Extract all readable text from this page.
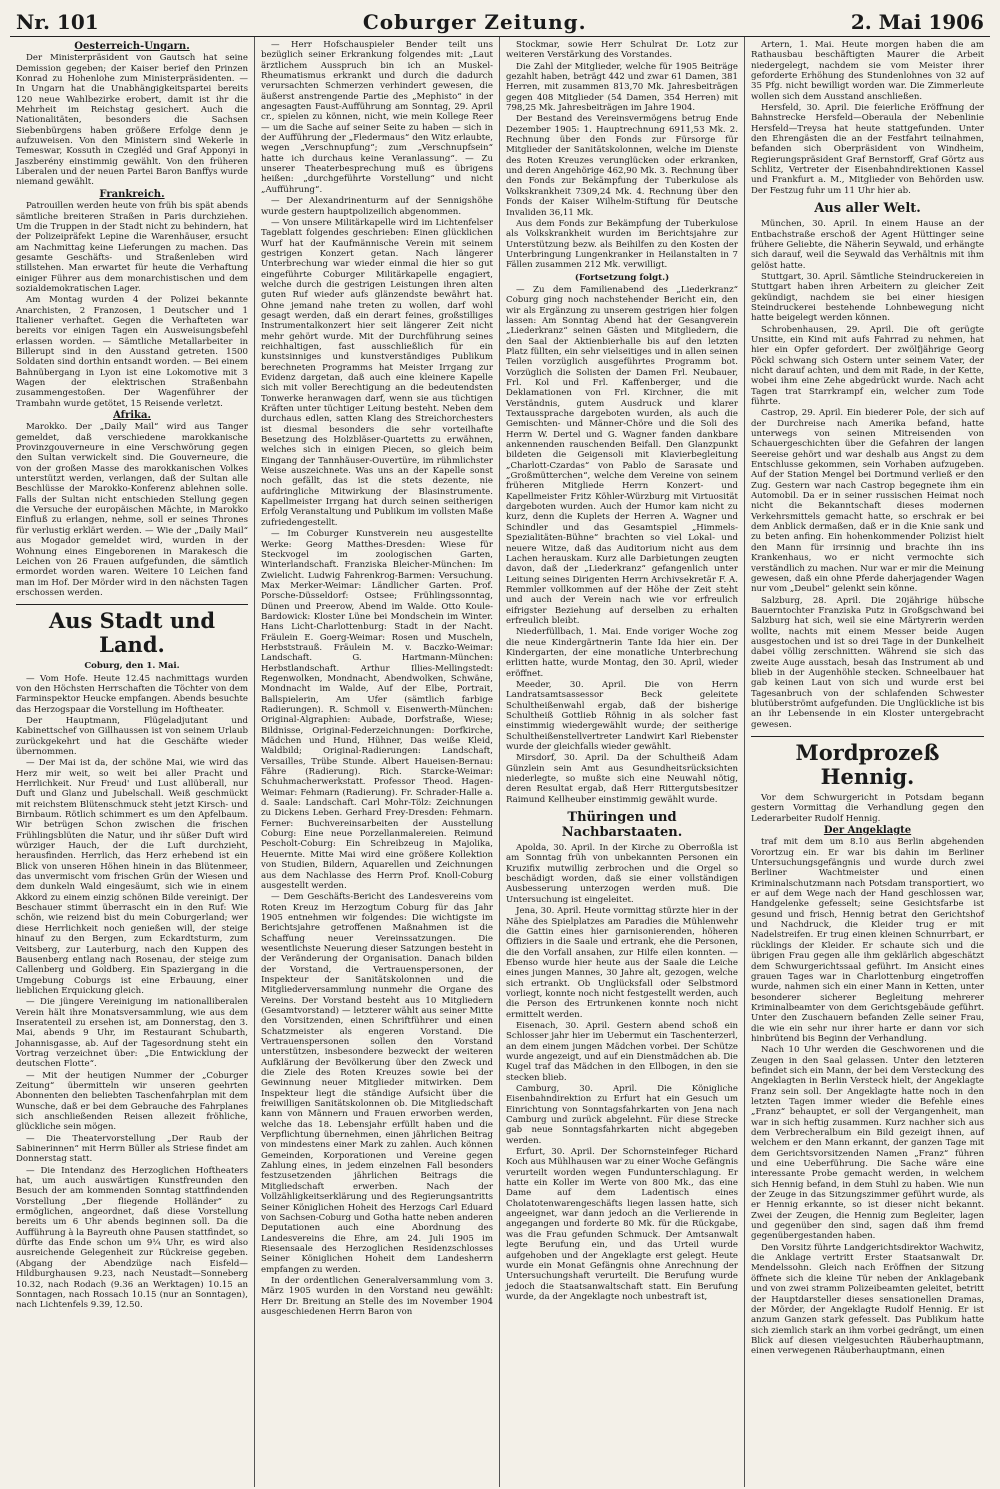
Nr. 101	Coburger Zeitung.	2. Mai 1906
Oesterreich-Ungarn.

Der Ministerpräsident von Gautsch hat seine Demission gegeben; der Kaiser berief den Prinzen Konrad zu Hohenlohe zum Ministerpräsidenten. — In Ungarn hat die Unabhängigkeitspartei bereits 120 neue Wahlbezirke erobert, damit ist ihr die Mehrheit im Reichstag gesichert. Auch die Nationalitäten, besonders die Sachsen Siebenbürgens haben größere Erfolge denn je aufzuweisen. Von den Ministern sind Wekerle in Temeswar, Kossuth in Czegléd und Graf Apponyi in Jaszberény einstimmig gewählt. Von den früheren Liberalen und der neuen Partei Baron Banffys wurde niemand gewählt.

Frankreich.

Patrouillen werden heute von früh bis spät abends sämtliche breiteren Straßen in Paris durchziehen. Um die Truppen in der Stadt nicht zu behindern, hat der Polizeipräfekt Lepine die Warenhäuser, ersucht am Nachmittag keine Lieferungen zu machen. Das gesamte Geschäfts- und Straßenleben wird stillstehen. Man erwartet für heute die Verhaftung einiger Führer aus dem monarchistischen und dem sozialdemokratischen Lager.

Am Montag wurden 4 der Polizei bekannte Anarchisten, 2 Franzosen, 1 Deutscher und 1 Italiener verhaftet. Gegen die Verhafteten war bereits vor einigen Tagen ein Ausweisungsbefehl erlassen worden. — Sämtliche Metallarbeiter in Billerupt sind in den Ausstand getreten. 1500 Soldaten sind dorthin entsandt worden. — Bei einem Bahnübergang in Lyon ist eine Lokomotive mit 3 Wagen der elektrischen Straßenbahn zusammengestoßen. Der Wagenführer der Trambahn wurde getötet, 15 Reisende verletzt.

Afrika.

Marokko. Der „Daily Mail“ wird aus Tanger gemeldet, daß verschiedene marokkanische Provinzgouverneure in eine Verschwörung gegen den Sultan verwickelt sind. Die Gouverneure, die von der großen Masse des marokkanischen Volkes unterstützt werden, verlangen, daß der Sultan alle Beschlüsse der Marokko-Konferenz ablehnen solle. Falls der Sultan nicht entschieden Stellung gegen die Versuche der europäischen Mächte, in Marokko Einfluß zu erlangen, nehme, soll er seines Thrones für verlustig erklärt werden. — Wie der „Daily Mail“ aus Mogador gemeldet wird, wurden in der Wohnung eines Eingeborenen in Marakesch die Leichen von 26 Frauen aufgefunden, die sämtlich ermordet worden waren. Weitere 10 Leichen fand man im Hof. Der Mörder wird in den nächsten Tagen erschossen werden.

Aus Stadt und Land.
Coburg, den 1. Mai.

— Vom Hofe. Heute 12.45 nachmittags wurden von den Höchsten Herrschaften die Töchter von dem Farminspektor Heucke empfangen. Abends besuchte das Herzogspaar die Vorstellung im Hoftheater.

Der Hauptmann, Flügeladjutant und Kabinettschef von Gillhaussen ist von seinem Urlaub zurückgekehrt und hat die Geschäfte wieder übernommen.

— Der Mai ist da, der schöne Mai, wie wird das Herz mir weit, so weit bei aller Pracht und Herrlichkeit. Nur Freud' und Lust allüberall, nur Duft und Glanz und Jubelschall. Weiß geschmückt mit reichstem Blütenschmuck steht jetzt Kirsch- und Birnbaum. Rötlich schimmert es um den Apfelbaum. Wir betrügen Schon zwischen die frischen Frühlingsblüten die Natur, und ihr süßer Duft wird würziger Hauch, der die Luft durchzieht, herausfinden. Herrlich, das Herz erhebend ist ein Blick von unseren Höhen hinein in das Blütenmeer, das unvermischt vom frischen Grün der Wiesen und dem dunkeln Wald eingesäumt, sich wie in einem Akkord zu einem einzig schönen Bilde vereinigt. Der Beschauer stimmt überrascht ein in den Ruf: Wie schön, wie reizend bist du mein Coburgerland; wer diese Herrlichkeit noch genießen will, der steige hinauf zu den Bergen, zum Eckardtsturm, zum Veitsberg, zur Lauterburg, nach den Kuppen des Bausenberg entlang nach Rosenau, der steige zum Callenberg und Goldberg. Ein Spaziergang in die Umgebung Coburgs ist eine Erbauung, einer lieblichen Erquickung gleich.

— Die jüngere Vereinigung im nationalliberalen Verein hält ihre Monatsversammlung, wie aus dem Inseratenteil zu ersehen ist, am Donnerstag, den 3. Mai, abends 9 Uhr, im Restaurant Schubarth, Johannisgasse, ab. Auf der Tagesordnung steht ein Vortrag verzeichnet über: „Die Entwicklung der deutschen Flotte“.

— Mit der heutigen Nummer der „Coburger Zeitung“ übermitteln wir unseren geehrten Abonnenten den beliebten Taschenfahrplan mit dem Wunsche, daß er bei dem Gebrauche des Fahrplanes sich anschließenden Reisen allezeit fröhliche, glückliche sein mögen.

— Die Theatervorstellung „Der Raub der Sabinerinnen“ mit Herrn Büller als Striese findet am Donnerstag statt.

— Die Intendanz des Herzoglichen Hoftheaters hat, um auch auswärtigen Kunstfreunden den Besuch der am kommenden Sonntag stattfindenden Vorstellung „Der fliegende Holländer“ zu ermöglichen, angeordnet, daß diese Vorstellung bereits um 6 Uhr abends beginnen soll. Da die Aufführung à la Bayreuth ohne Pausen stattfindet, so dürfte das Ende schon um 9¼ Uhr, es wird also ausreichende Gelegenheit zur Rückreise gegeben. (Abgang der Abendzüge nach Eisfeld—Hildburghausen 9.23, nach Neustadt—Sonneberg 10.32, nach Rodach (9.36 an Werktagen) 10.15 an Sonntagen, nach Rossach 10.15 (nur an Sonntagen), nach Lichtenfels 9.39, 12.50.

— Herr Hofschauspieler Bender teilt uns bezüglich seiner Erkrankung folgendes mit: „Laut ärztlichem Ausspruch bin ich an Muskel-Rheumatismus erkrankt und durch die dadurch verursachten Schmerzen verhindert gewesen, die äußerst anstrengende Partie des „Mephisto“ in der angesagten Faust-Aufführung am Sonntag, 29. April cr., spielen zu können, nicht, wie mein Kollege Reer — um die Sache auf seiner Seite zu haben — sich in der Aufführung der „Fledermaus“ den Witz erlaubte, wegen „Verschnupfung“; zum „Verschnupfsein“ hatte ich durchaus keine Veranlassung“. — Zu unserer Theaterbesprechung muß es übrigens heißen: „durchgeführte Vorstellung“ und nicht „Aufführung“.

— Der Alexandrinenturm auf der Sennigshöhe wurde gestern hauptpolizeilich abgenommen.

— Von unsere Militärkapelle wird im Lichtenfelser Tageblatt folgendes geschrieben: Einen glücklichen Wurf hat der Kaufmännische Verein mit seinem gestrigen Konzert getan. Nach längerer Unterbrechung war wieder einmal die hier so gut eingeführte Coburger Militärkapelle engagiert, welche durch die gestrigen Leistungen ihren alten guten Ruf wieder aufs glänzendste bewährt hat. Ohne jemand nahe treten zu wollen, darf wohl gesagt werden, daß ein derart feines, großstilliges Instrumentalkonzert hier seit längerer Zeit nicht mehr gehört wurde. Mit der Durchführung seines reichhaltigen, fast ausschließlich für ein kunstsinniges und kunstverständiges Publikum berechneten Programms hat Meister Irrgang zur Evidenz dargetan, daß auch eine kleinere Kapelle sich mit voller Berechtigung an die bedeutendsten Tonwerke heranwagen darf, wenn sie aus tüchtigen Kräften unter tüchtiger Leitung besteht. Neben dem durchaus edlen, satten Klang des Streichorchesters ist diesmal besonders die sehr vorteilhafte Besetzung des Holzbläser-Quartetts zu erwähnen, welches sich in einigen Piecen, so gleich beim Eingang der Tannhäuser-Ouvertüre, im rühmlichster Weise auszeichnete. Was uns an der Kapelle sonst noch gefällt, das ist die stets dezente, nie aufdringliche Mitwirkung der Blasinstrumente. Kapellmeister Irrgang hat durch seinen seitherigen Erfolg Veranstaltung und Publikum im vollsten Maße zufriedengestellt.

— Im Coburger Kunstverein neu ausgestellte Werke: Georg Matthes-Dresden: Wiese für Steckvogel im zoologischen Garten, Winterlandschaft. Franziska Bleicher-München: Im Zwielicht. Ludwig Fahrenkrog-Barmen: Versuchung. Max Merker-Weimar: Ländlicher Garten. Prof. Porsche-Düsseldorf: Ostsee; Frühlingssonntag, Dünen und Preerow, Abend im Walde. Otto Koule-Bardowick: Kloster Lüne bei Mondschein im Winter. Hans Licht-Charlottenburg: Stadt in der Nacht. Fräulein E. Goerg-Weimar: Rosen und Muscheln, Herbststrauß. Fräulein M. v. Baczko-Weimar: Landschaft. G. Hartmann-München: Herbstlandschaft. Arthur Illies-Mellingstedt: Regenwolken, Mondnacht, Abendwolken, Schwäne, Mondnacht im Walde, Auf der Elbe, Portrait, Ballspielerin, Am Ufer (sämtlich farbige Radierungen). R. Schmoll v. Eisenwerth-München: Original-Algraphien: Aubade, Dorfstraße, Wiese; Bildnisse, Original-Federzeichnungen: Dorfkirche, Mädchen und Hund, Hühner, Das weiße Kleid, Waldbild; Original-Radierungen: Landschaft, Versailles, Trübe Stunde. Albert Haueisen-Bernau: Fähre (Radierung). Rich. Starcke-Weimar: Schuhmacherwerkstatt. Professor Theod. Hagen-Weimar: Fehmarn (Radierung). Fr. Schrader-Halle a. d. Saale: Landschaft. Carl Mohr-Tölz: Zeichnungen zu Dickens Leben. Gerhard Frey-Dresden: Fehmarn. Ferner: Buchvereinsarbeiten der Ausstellung Coburg: Eine neue Porzellanmalereien. Reimund Pescholt-Coburg: Ein Schreibzeug in Majolika, Heuernte. Mitte Mai wird eine größere Kollektion von Studien, Bildern, Aquarellen und Zeichnungen aus dem Nachlasse des Herrn Prof. Knoll-Coburg ausgestellt werden.

— Dem Geschäfts-Bericht des Landesvereins vom Roten Kreuz im Herzogtum Coburg für das Jahr 1905 entnehmen wir folgendes: Die wichtigste im Berichtsjahre getroffenen Maßnahmen ist die Schaffung neuer Vereinssatzungen. Die wesentlichste Neuerung dieser Satzungen besteht in der Veränderung der Organisation. Danach bilden der Vorstand, die Vertrauenspersonen, der Inspekteur der Sanitätskolonnen und die Mitgliederversammlung nunmehr die Organe des Vereins. Der Vorstand besteht aus 10 Mitgliedern (Gesamtvorstand) — letzterer wählt aus seiner Mitte den Vorsitzenden, einen Schriftführer und einen Schatzmeister als engeren Vorstand. Die Vertrauenspersonen sollen den Vorstand unterstützen, insbesondere bezweckt der weiteren Aufklärung der Bevölkerung über den Zweck und die Ziele des Roten Kreuzes sowie bei der Gewinnung neuer Mitglieder mitwirken. Dem Inspekteur liegt die ständige Aufsicht über die freiwilligen Sanitätskolonnen ob. Die Mitgliedschaft kann von Männern und Frauen erworben werden, welche das 18. Lebensjahr erfüllt haben und die Verpflichtung übernehmen, einen jährlichen Beitrag von mindestens einer Mark zu zahlen. Auch können Gemeinden, Korporationen und Vereine gegen Zahlung eines, in jedem einzelnen Fall besonders festzusetzenden jährlichen Beitrags die Mitgliedschaft erwerben. Nach der Vollzähligkeitserklärung und des Regierungsantritts Seiner Königlichen Hoheit des Herzogs Carl Eduard von Sachsen-Coburg und Gotha hatte neben anderen Deputationen auch eine Abordnung des Landesvereins die Ehre, am 24. Juli 1905 im Riesensaale des Herzoglichen Residenzschlosses Seiner Königlichen Hoheit dem Landesherrn empfangen zu werden.

In der ordentlichen Generalversammlung vom 3. März 1905 wurden in den Vorstand neu gewählt: Herr Dr. Breitung an Stelle des im November 1904 ausgeschiedenen Herrn Baron von

Stockmar, sowie Herr Schulrat Dr. Lotz zur weiteren Verstärkung des Vorstandes.

Die Zahl der Mitglieder, welche für 1905 Beiträge gezahlt haben, beträgt 442 und zwar 61 Damen, 381 Herren, mit zusammen 813,70 Mk. Jahresbeiträgen gegen 408 Mitglieder (54 Damen, 354 Herren) mit 798,25 Mk. Jahresbeiträgen im Jahre 1904.

Der Bestand des Vereinsvermögens betrug Ende Dezember 1905: 1. Hauptrechnung 6911,53 Mk. 2. Rechnung über den Fonds zur Fürsorge für Mitglieder der Sanitätskolonnen, welche im Dienste des Roten Kreuzes verunglücken oder erkranken, und deren Angehörige 462,90 Mk. 3. Rechnung über den Fonds zur Bekämpfung der Tuberkulose als Volkskrankheit 7309,24 Mk. 4. Rechnung über den Fonds der Kaiser Wilhelm-Stiftung für Deutsche Invaliden 36,11 Mk.

Aus dem Fonds zur Bekämpfung der Tuberkulose als Volkskrankheit wurden im Berichtsjahre zur Unterstützung bezw. als Beihilfen zu den Kosten der Unterbringung Lungenkranker in Heilanstalten in 7 Fällen zusammen 212 Mk. verwilligt.

(Fortsetzung folgt.)

— Zu dem Familienabend des „Liederkranz“ Coburg ging noch nachstehender Bericht ein, den wir als Ergänzung zu unserem gestrigen hier folgen lassen: Am Sonntag Abend hat der Gesangverein „Liederkranz“ seinen Gästen und Mitgliedern, die den Saal der Aktienbierhalle bis auf den letzten Platz füllten, ein sehr vielseitiges und in allen seinen Teilen vorzüglich ausgeführtes Programm bot. Vorzüglich die Solisten der Damen Frl. Neubauer, Frl. Kol und Frl. Kaffenberger, und die Deklamationen von Frl. Kirchner, die mit Verständnis, gutem Ausdruck und klarer Textaussprache dargeboten wurden, als auch die Gemischten- und Männer-Chöre und die Soli des Herrn W. Dertel und G. Wagner fanden dankbare ankennenden rauschenden Beifall. Den Glanzpunkt bildeten die Geigensoli mit Klavierbegleitung „Charlott-Czardas“ von Pablo de Sarasate und „Großmütterchen“, welche dem Vereine von seinem früheren Mitgliede Herrn Konzert- und Kapellmeister Fritz Köhler-Würzburg mit Virtuosität dargeboten wurden. Auch der Humor kam nicht zu kurz, denn die Kuplets der Herren A. Wagner und Schindler und das Gesamtspiel „Himmels-Spezialitäten-Bühne“ brachten so viel Lokal- und neuere Witze, daß das Auditorium nicht aus dem Lachen herauskam. Kurz alle Darbietungen zeugten davon, daß der „Liederkranz“ gefangenlich unter Leitung seines Dirigenten Herrn Archivsekretär F. A. Remmler vollkommen auf der Höhe der Zeit steht und auch der Verein nach wie vor erfreulich eifrigster Beziehung auf derselben zu erhalten erfreulich bleibt.

Niederfüllbach, 1. Mai. Ende voriger Woche zog die neue Kindergärtnerin Tante Ida hier ein. Der Kindergarten, der eine monatliche Unterbrechung erlitten hatte, wurde Montag, den 30. April, wieder eröffnet.

Meeder, 30. April. Die von Herrn Landratsamtsassessor Beck geleitete Schultheißenwahl ergab, daß der bisherige Schultheiß Gottlieb Röhnig in als solcher fast einstimmig wiedergewählt wurde; der seitherige Schultheißenstellvertreter Landwirt Karl Riebenster wurde der gleichfalls wieder gewählt.

Mirsdorf, 30. April. Da der Schultheiß Adam Günzlein sein Amt aus Gesundheitsrücksichten niederlegte, so mußte sich eine Neuwahl nötig, deren Resultat ergab, daß Herr Rittergutsbesitzer Raimund Kellheuber einstimmig gewählt wurde.

Thüringen und Nachbarstaaten.

Apolda, 30. April. In der Kirche zu Oberroßla ist am Sonntag früh von unbekannten Personen ein Kruzifix mutwillig zerbrochen und die Orgel so beschädigt worden, daß sie einer vollständigen Ausbesserung unterzogen werden muß. Die Untersuchung ist eingeleitet.

Jena, 30. April. Heute vormittag stürzte hier in der Nähe des Spielplatzes am Paradies die Mühlenwehr die Gattin eines hier garnisonierenden, höheren Offiziers in die Saale und ertrank, ehe die Personen, die den Vorfall ansahen, zur Hilfe eilen konnten. — Ebenso wurde hier heute aus der Saale die Leiche eines jungen Mannes, 30 Jahre alt, gezogen, welche sich ertrankt. Ob Unglücksfall oder Selbstmord vorliegt, konnte noch nicht festgestellt werden, auch die Person des Ertrunkenen konnte noch nicht ermittelt werden.

Eisenach, 30. April. Gestern abend schoß ein Schlosser jahr hier im Uebermut ein Taschenterzerl, an dem einem jungen Mädchen vorbei. Der Schütze wurde angezeigt, und auf ein Dienstmädchen ab. Die Kugel traf das Mädchen in den Ellbogen, in den sie stecken blieb.

Camburg, 30. April. Die Königliche Eisenbahndirektion zu Erfurt hat ein Gesuch um Einrichtung von Sonntagsfahrkarten von Jena nach Camburg und zurück abgelehnt. Für diese Strecke gab neue Sonntagsfahrkarten nicht abgegeben werden.

Erfurt, 30. April. Der Schornsteinfeger Richard Koch aus Mühlhausen war zu einer Woche Gefängnis verurteilt worden wegen Fundunterschlagung. Er hatte ein Koller im Werte von 800 Mk., das eine Dame auf dem Ladentisch eines Cholatotenwarengeschäfts liegen lassen hatte, sich angeeignet, war dann jedoch an die Verlierende in angegangen und forderte 80 Mk. für die Rückgabe, was die Frau gefunden Schmuck. Der Amtsanwalt legte Berufung ein, und das Urteil wurde aufgehoben und der Angeklagte erst gelegt. Heute wurde ein Monat Gefängnis ohne Anrechnung der Untersuchungshaft verurteilt. Die Berufung wurde jedoch die Staatsanwaltschaft statt. Ein Berufung wurde, da der Angeklagte noch unbestraft ist,

Artern, 1. Mai. Heute morgen haben die am Rathausbau beschäftigten Maurer die Arbeit niedergelegt, nachdem sie vom Meister ihrer geforderte Erhöhung des Stundenlohnes von 32 auf 35 Pfg. nicht bewilligt worden war. Die Zimmerleute wollen sich dem Ausstand anschließen.

Hersfeld, 30. April. Die feierliche Eröffnung der Bahnstrecke Hersfeld—Oberaula der Nebenlinie Hersfeld—Treysa hat heute stattgefunden. Unter den Ehrengästen die an der Festfahrt teilnahmen, befanden sich Oberpräsident von Windheim, Regierungspräsident Graf Bernstorff, Graf Görtz aus Schlitz, Vertreter der Eisenbahndirektionen Kassel und Frankfurt a. M., Mitglieder von Behörden usw. Der Festzug fuhr um 11 Uhr hier ab.

Aus aller Welt.

München, 30. April. In einem Hause an der Entbachstraße erschoß der Agent Hüttinger seine frühere Geliebte, die Näherin Seywald, und erhängte sich darauf, weil die Seywald das Verhältnis mit ihm gelöst hatte.

Stuttgart, 30. April. Sämtliche Steindruckereien in Stuttgart haben ihren Arbeitern zu gleicher Zeit gekündigt, nachdem sie bei einer hiesigen Steindruckerei bestehende Lohnbewegung nicht hatte beigelegt werden können.

Schrobenhausen, 29. April. Die oft gerügte Unsitte, ein Kind mit aufs Fahrrad zu nehmen, hat hier ein Opfer gefordert. Der zwölfjährige Georg Pöckl schwang sich Ostern unter seinem Vater, der nicht darauf achten, und dem mit Rade, in der Kette, wobei ihm eine Zehe abgedrückt wurde. Nach acht Tagen trat Starrkrampf ein, welcher zum Tode führte.

Castrop, 29. April. Ein biederer Pole, der sich auf der Durchreise nach Amerika befand, hatte unterwegs von seinen Mitreisenden von Schauergeschichten über die Gefahren der langen Seereise gehört und war deshalb aus Angst zu dem Entschlusse gekommen, sein Vorhaben aufzugeben. Auf der Station Mengel bei Dortmund verließ er den Zug. Gestern war nach Castrop begegnete ihm ein Automobil. Da er in seiner russischen Heimat noch nicht die Bekanntschaft dieses modernen Verkehrsmittels gemacht hatte, so erschrak er bei dem Anblick dermaßen, daß er in die Knie sank und zu beten anfing. Ein hohenkommender Polizist hielt den Mann für irrsinnig und brachte ihn ins Krankenhaus, wo er nicht vermochte sich verständlich zu machen. Nur war er mir die Meinung gewesen, daß ein ohne Pferde daherjagender Wagen nur vom „Deubel“ gelenkt sein könne.

Salzburg, 28. April. Die 20jährige hübsche Bauerntochter Franziska Putz in Großgschwand bei Salzburg hat sich, weil sie eine Märtyrerin werden wollte, nachts mit einem Messer beide Augen ausgestochen und ist so drei Tage in der Dunkelheit dabei völlig zerschnitten. Während sie sich das zweite Auge ausstach, besah das Instrument ab und blieb in der Augenhöhle stecken. Schneelbauer hat gab keinen Laut von sich und wurde erst bei Tagesanbruch von der schlafenden Schwester blutüberströmt aufgefunden. Die Unglückliche ist bis an ihr Lebensende in ein Kloster untergebracht gewesen.

Mordprozeß Hennig.

Vor dem Schwurgericht in Potsdam begann gestern Vormittag die Verhandlung gegen den Lederarbeiter Rudolf Hennig.

Der Angeklagte

traf mit dem um 8.10 aus Berlin abgehenden Vorortzug ein. Er war bis dahin im Berliner Untersuchungsgefängnis und wurde durch zwei Berliner Wachtmeister und einen Kriminalschutzmann nach Potsdam transportiert, wo er auf dem Wege nach der Hand geschlossen war, Handgelenke gefesselt; seine Gesichtsfarbe ist gesund und frisch, Hennig betrat den Gerichtshof und Nachdruck, die Kleider trug er mit Nadelstreifen. Er trug einen kleinen Schnurrbart, er rücklings der Kleider. Er schaute sich und die übrigen Frau gegen alle ihm geklärlich abgeschätzt dem Schwurgerichtssaal geführt. Im Ansicht eines grauen Tages war in Charlottenburg eingetroffen wurde, nahmen sich ein einer Mann in Ketten, unter besonderer sicherer Begleitung mehrerer Kriminalbeamter von dem Gerichtsgebäude geführt. Unter den Zuschauern befanden Zelle seiner Frau, die wie ein sehr nur ihrer harte er dann vor sich hinbrütend bis Beginn der Verhandlung.

Nach 10 Uhr werden die Geschworenen und die Zeugen in den Saal gelassen. Unter den letzteren befindet sich ein Mann, der bei dem Versteckung des Angeklagten in Berlin Versteck hielt, der Angeklagte Franz sein soll. Der Angeklagte hatte noch in den letzten Tagen immer wieder die Befehle eines „Franz“ behauptet, er soll der Vergangenheit, man war in sich heftig zusammen. Kurz nachher sich aus dem Verbrecheralbum ein Bild gezeigt ihnen, auf welchem er den Mann erkannt, der ganzen Tage mit dem Gerichtsvorsitzenden Namen „Franz“ führen und eine Ueberführung. Die Sache wäre eine interessante Probe gemacht werden, in welchem sich Hennig befand, in dem Stuhl zu haben. Wie nun der Zeuge in das Sitzungszimmer geführt wurde, als er Hennig erkannte, so ist dieser nicht bekannt. Zwei der Zeugen, die Hennig zum Begleiter, lagen und gegenüber den sind, sagen daß ihm fremd gegenübergestanden haben.

Den Vorsitz führte Landgerichtsdirektor Wachwitz, die Anklage vertritt Erster Staatsanwalt Dr. Mendelssohn. Gleich nach Eröffnen der Sitzung öffnete sich die kleine Tür neben der Anklagebank und von zwei stramm Polizeibeamten geleitet, betritt der Hauptdarsteller dieses sensationellen Dramas, der Mörder, der Angeklagte Rudolf Hennig. Er ist anzum Ganzen stark gefesselt. Das Publikum hatte sich ziemlich stark an ihm vorbei gedrängt, um einen Blick auf diesen vielgesuchten Räuberhauptmann, einen verwegenen Räuberhauptmann, einen
